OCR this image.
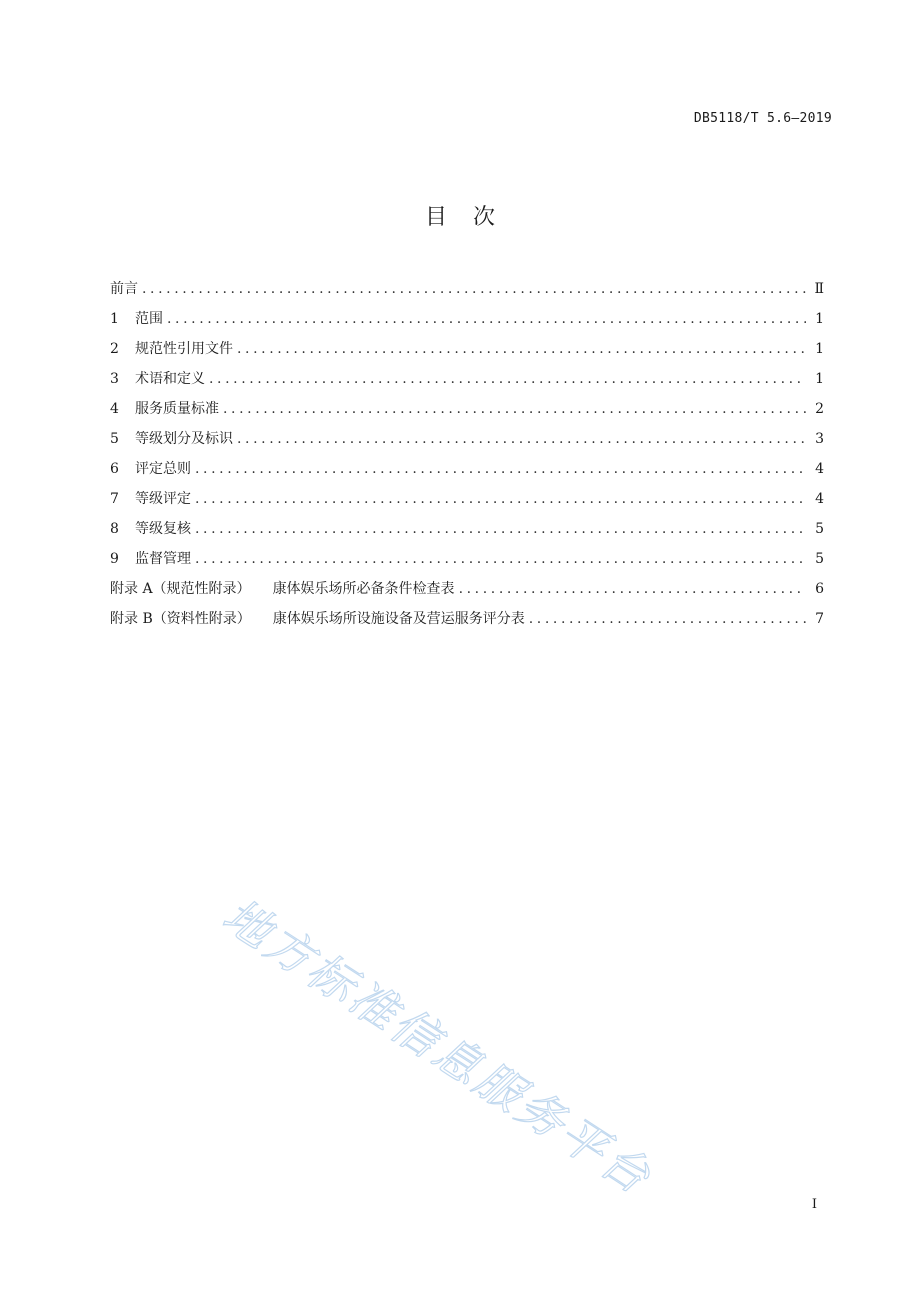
DB5118/T 5.6—2019
目 次
前言 .....	Ⅱ
1	范围 .....	1
2	规范性引用文件 .....	1
3	术语和定义 .....	1
4	服务质量标准 .....	2
5	等级划分及标识 .....	3
6	评定总则 .....	4
7	等级评定 .....	4
8	等级复核 .....	5
9	监督管理 .....	5
附录 A（规范性附录） 康体娱乐场所必备条件检查表 .....	6
附录 B（资料性附录） 康体娱乐场所设施设备及营运服务评分表 .....	7
地方标准信息服务平台	I
